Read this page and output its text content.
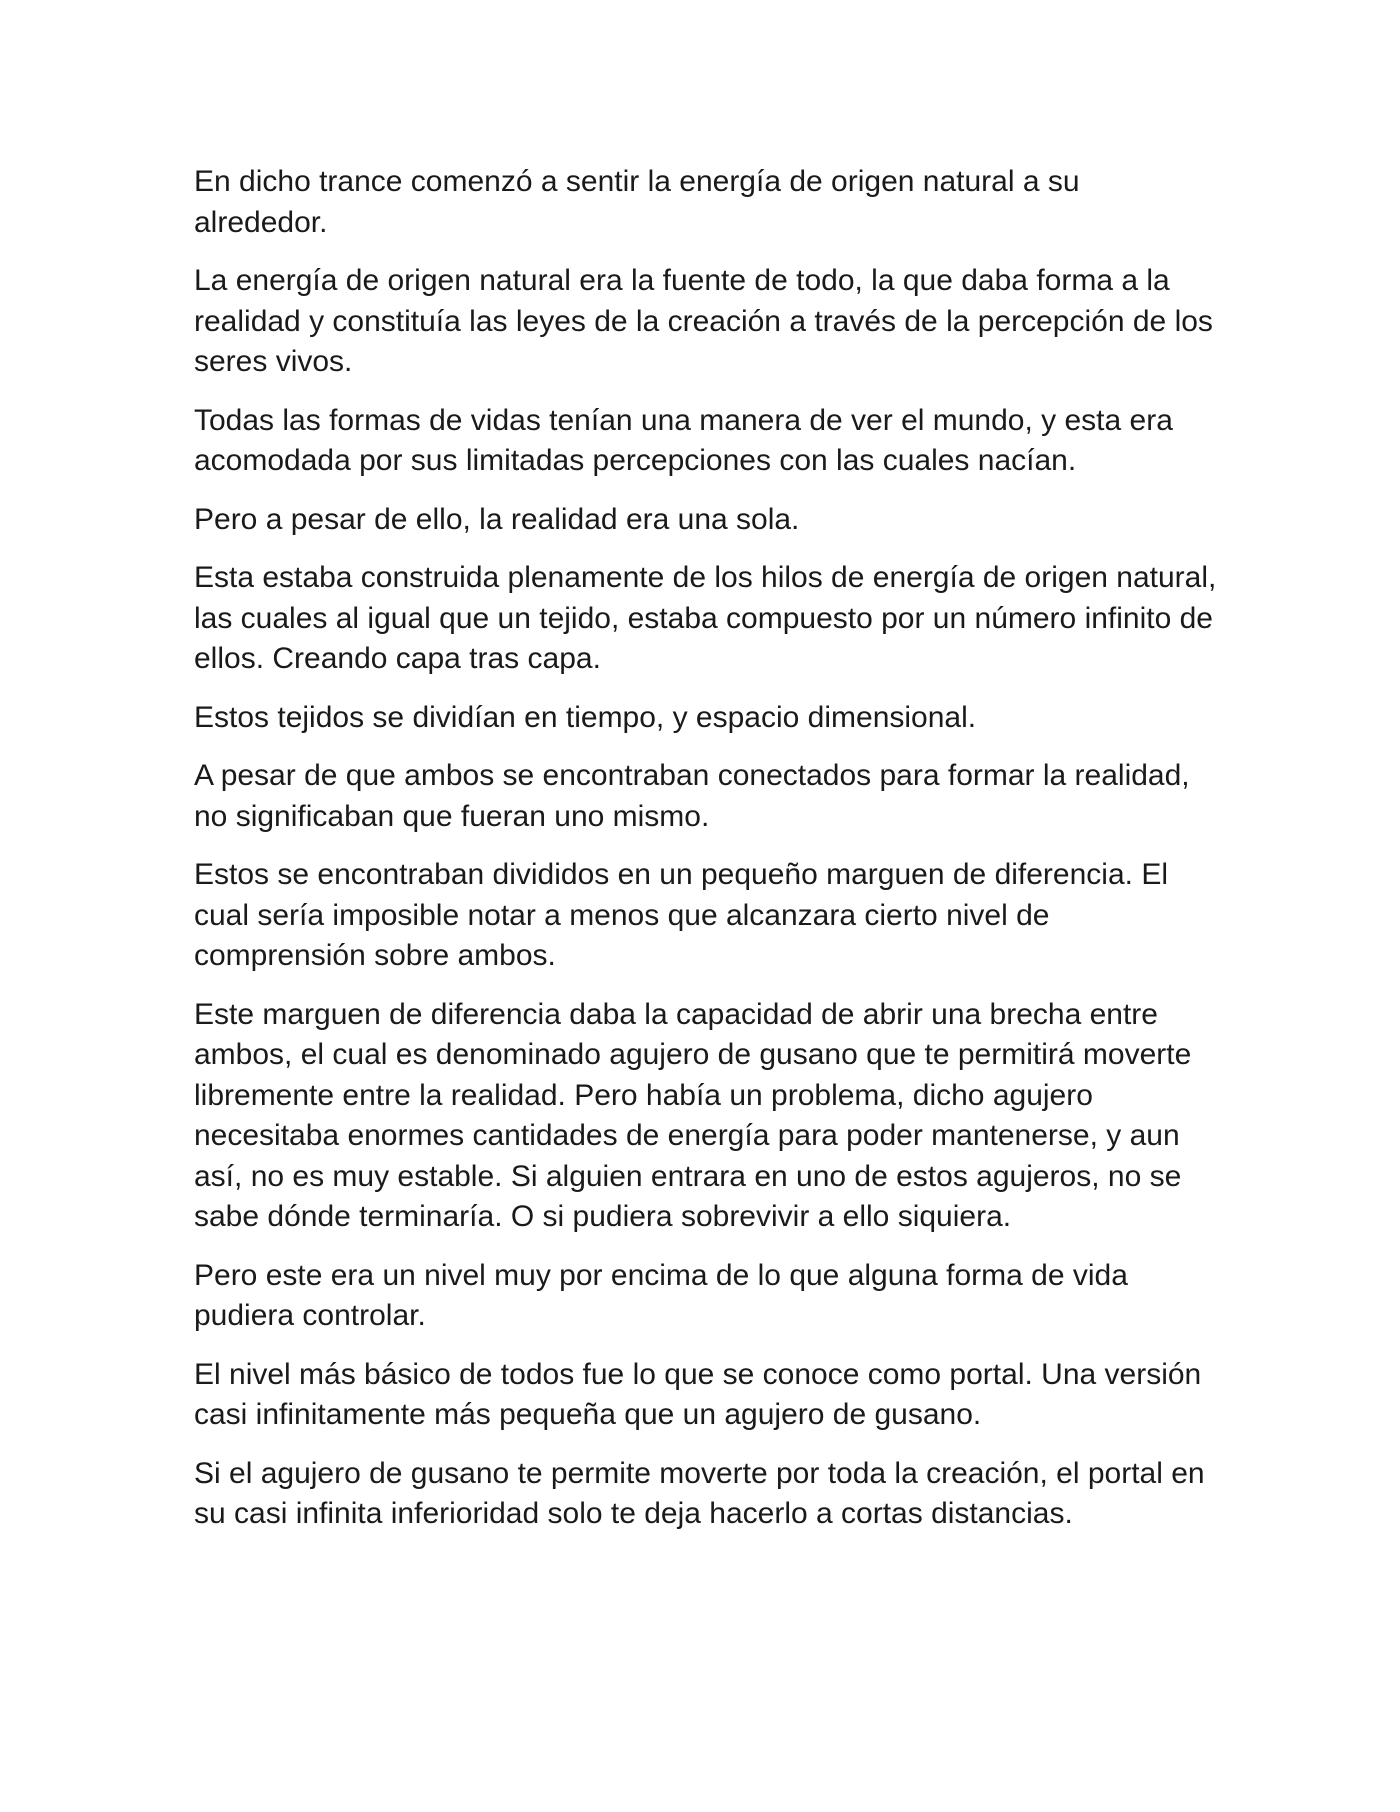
En dicho trance comenzó a sentir la energía de origen natural a su alrededor.

La energía de origen natural era la fuente de todo, la que daba forma a la realidad y constituía las leyes de la creación a través de la percepción de los seres vivos.

Todas las formas de vidas tenían una manera de ver el mundo, y esta era acomodada por sus limitadas percepciones con las cuales nacían.

Pero a pesar de ello, la realidad era una sola.

Esta estaba construida plenamente de los hilos de energía de origen natural, las cuales al igual que un tejido, estaba compuesto por un número infinito de ellos. Creando capa tras capa.

Estos tejidos se dividían en tiempo, y espacio dimensional.

A pesar de que ambos se encontraban conectados para formar la realidad, no significaban que fueran uno mismo.

Estos se encontraban divididos en un pequeño marguen de diferencia. El cual sería imposible notar a menos que alcanzara cierto nivel de comprensión sobre ambos.

Este marguen de diferencia daba la capacidad de abrir una brecha entre ambos, el cual es denominado agujero de gusano que te permitirá moverte libremente entre la realidad. Pero había un problema, dicho agujero necesitaba enormes cantidades de energía para poder mantenerse, y aun así, no es muy estable. Si alguien entrara en uno de estos agujeros, no se sabe dónde terminaría. O si pudiera sobrevivir a ello siquiera.

Pero este era un nivel muy por encima de lo que alguna forma de vida pudiera controlar.

El nivel más básico de todos fue lo que se conoce como portal. Una versión casi infinitamente más pequeña que un agujero de gusano.

Si el agujero de gusano te permite moverte por toda la creación, el portal en su casi infinita inferioridad solo te deja hacerlo a cortas distancias.
